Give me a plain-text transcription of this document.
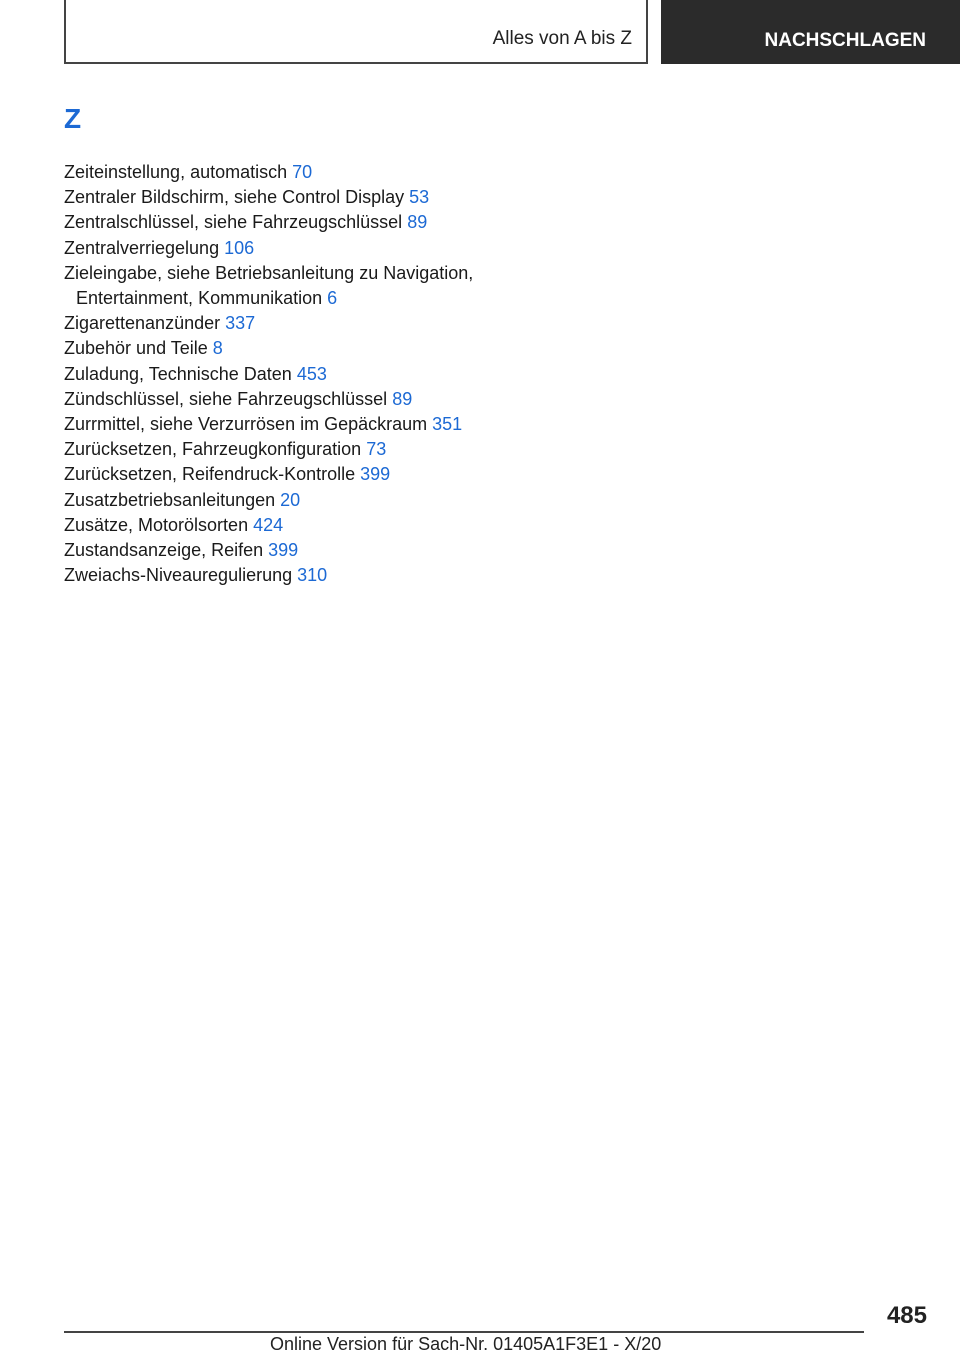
Alles von A bis Z	NACHSCHLAGEN
Z
Zeiteinstellung, automatisch 70
Zentraler Bildschirm, siehe Control Display 53
Zentralschlüssel, siehe Fahrzeugschlüssel 89
Zentralverriegelung 106
Zieleingabe, siehe Betriebsanleitung zu Navigation, Entertainment, Kommunikation 6
Zigarettenanzünder 337
Zubehör und Teile 8
Zuladung, Technische Daten 453
Zündschlüssel, siehe Fahrzeugschlüssel 89
Zurrmittel, siehe Verzurrösen im Gepäckraum 351
Zurücksetzen, Fahrzeugkonfiguration 73
Zurücksetzen, Reifendruck-Kontrolle 399
Zusatzbetriebsanleitungen 20
Zusätze, Motorölsorten 424
Zustandsanzeige, Reifen 399
Zweiachs-Niveauregulierung 310
485
Online Version für Sach-Nr. 01405A1F3E1 - X/20
